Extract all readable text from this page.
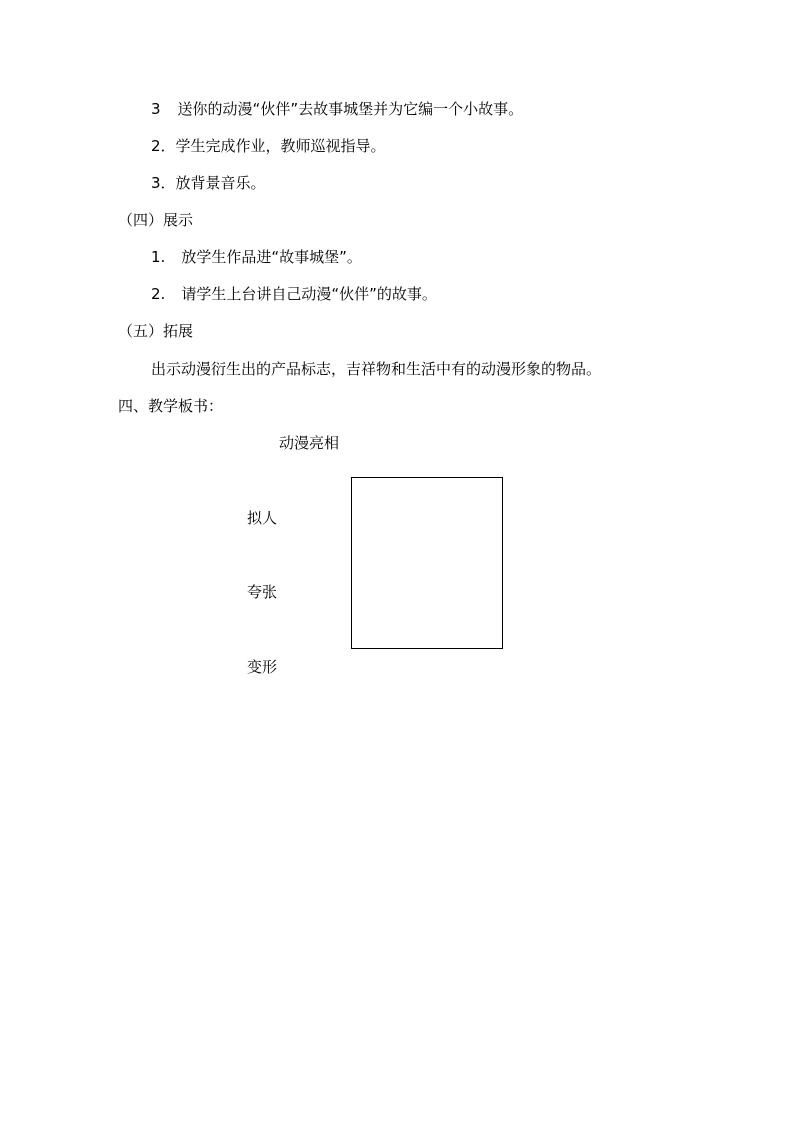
3 送你的动漫“伙伴”去故事城堡并为它编一个小故事。
2．学生完成作业，教师巡视指导。
3．放背景音乐。
（四）展示
1. 放学生作品进“故事城堡”。
2. 请学生上台讲自己动漫“伙伴”的故事。
（五）拓展
出示动漫衍生出的产品标志，吉祥物和生活中有的动漫形象的物品。
四、教学板书：
动漫亮相
拟人
夸张
变形
